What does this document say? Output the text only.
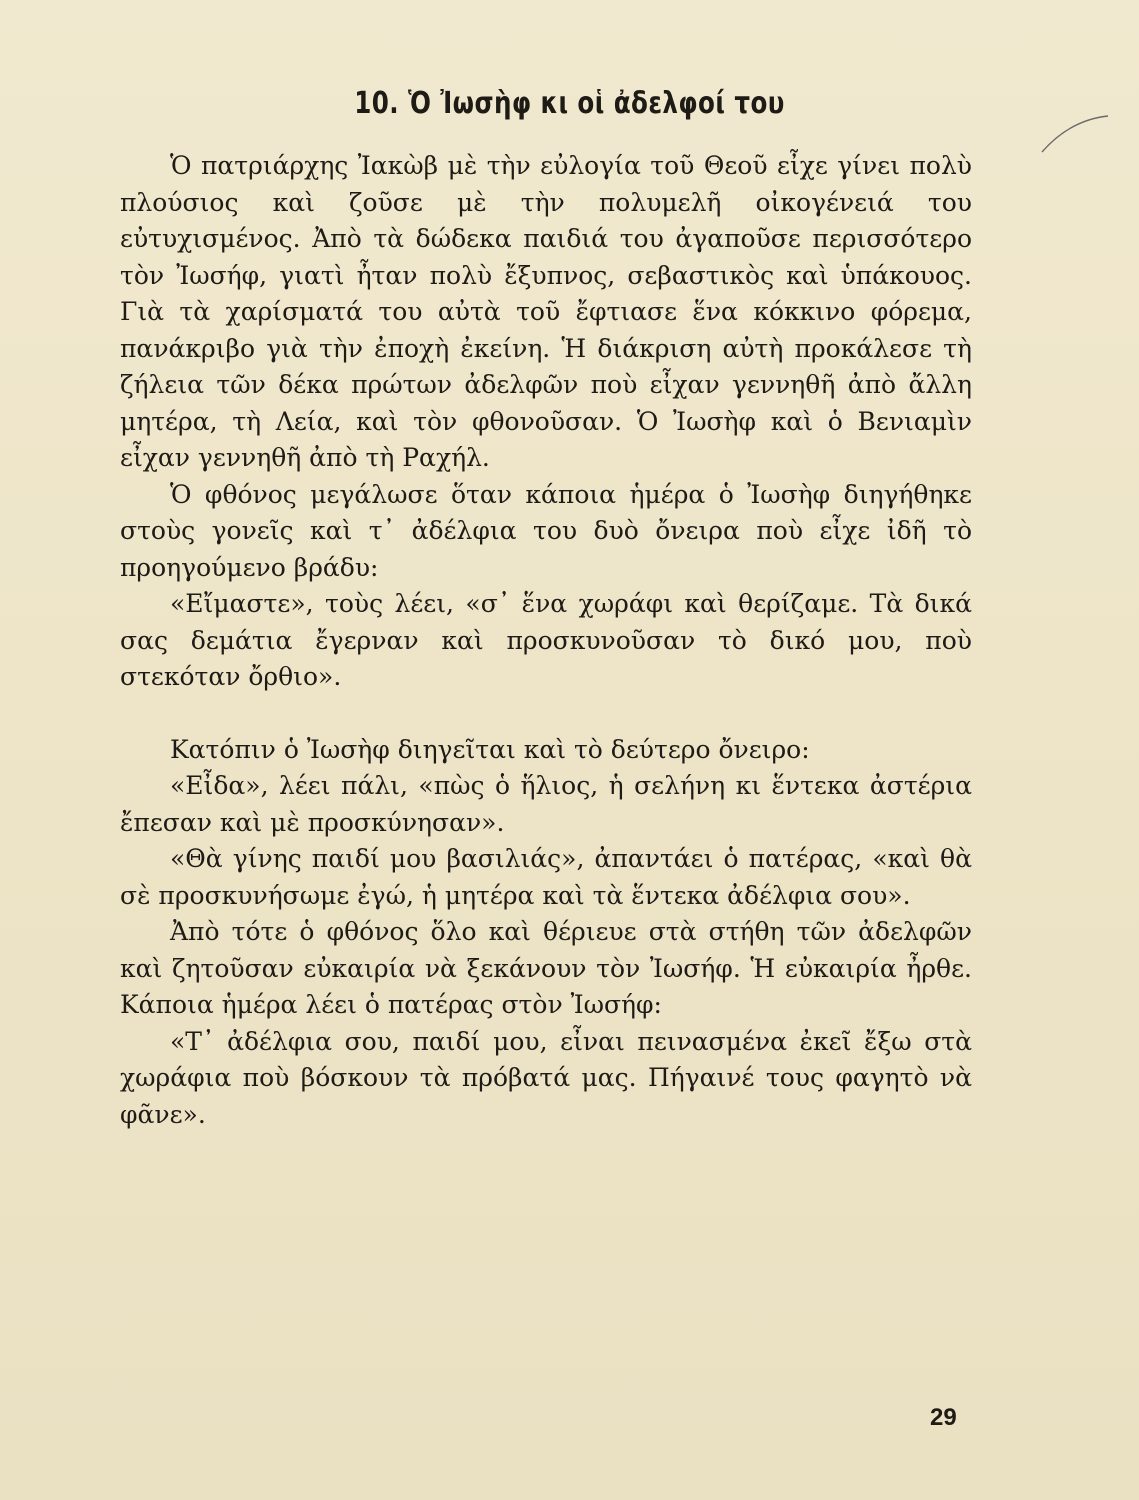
10. Ὁ Ἰωσὴφ κι οἱ ἀδελφοί του

Ὁ πατριάρχης Ἰακὼβ μὲ τὴν εὐλογία τοῦ Θεοῦ εἶχε γίνει πολὺ πλούσιος καὶ ζοῦσε μὲ τὴν πολυμελῆ οἰκογένειά του εὐτυχισμένος. Ἀπὸ τὰ δώδεκα παιδιά του ἀγαποῦσε περισσότερο τὸν Ἰωσήφ, γιατὶ ἦταν πολὺ ἔξυπνος, σεβαστικὸς καὶ ὑπάκουος. Γιὰ τὰ χαρίσματά του αὐτὰ τοῦ ἔφτιασε ἕνα κόκκινο φόρεμα, πανάκριβο γιὰ τὴν ἐποχὴ ἐκείνη. Ἡ διάκριση αὐτὴ προκάλεσε τὴ ζήλεια τῶν δέκα πρώτων ἀδελφῶν ποὺ εἶχαν γεννηθῆ ἀπὸ ἄλλη μητέρα, τὴ Λεία, καὶ τὸν φθονοῦσαν. Ὁ Ἰωσὴφ καὶ ὁ Βενιαμὶν εἶχαν γεννηθῆ ἀπὸ τὴ Ραχήλ.

Ὁ φθόνος μεγάλωσε ὅταν κάποια ἡμέρα ὁ Ἰωσὴφ διηγήθηκε στοὺς γονεῖς καὶ τ᾽ ἀδέλφια του δυὸ ὄνειρα ποὺ εἶχε ἰδῆ τὸ προηγούμενο βράδυ:

«Εἴμαστε», τοὺς λέει, «σ᾽ ἕνα χωράφι καὶ θερίζαμε. Τὰ δικά σας δεμάτια ἔγερναν καὶ προσκυνοῦσαν τὸ δικό μου, ποὺ στεκόταν ὄρθιο».

Κατόπιν ὁ Ἰωσὴφ διηγεῖται καὶ τὸ δεύτερο ὄνειρο:

«Εἶδα», λέει πάλι, «πὼς ὁ ἥλιος, ἡ σελήνη κι ἕντεκα ἀστέρια ἔπεσαν καὶ μὲ προσκύνησαν».

«Θὰ γίνης παιδί μου βασιλιάς», ἀπαντάει ὁ πατέρας, «καὶ θὰ σὲ προσκυνήσωμε ἐγώ, ἡ μητέρα καὶ τὰ ἕντεκα ἀδέλφια σου».

Ἀπὸ τότε ὁ φθόνος ὅλο καὶ θέριευε στὰ στήθη τῶν ἀδελφῶν καὶ ζητοῦσαν εὐκαιρία νὰ ξεκάνουν τὸν Ἰωσήφ. Ἡ εὐκαιρία ἦρθε. Κάποια ἡμέρα λέει ὁ πατέρας στὸν Ἰωσήφ:

«Τ᾽ ἀδέλφια σου, παιδί μου, εἶναι πεινασμένα ἐκεῖ ἔξω στὰ χωράφια ποὺ βόσκουν τὰ πρόβατά μας. Πήγαινέ τους φαγητὸ νὰ φᾶνε».

29
